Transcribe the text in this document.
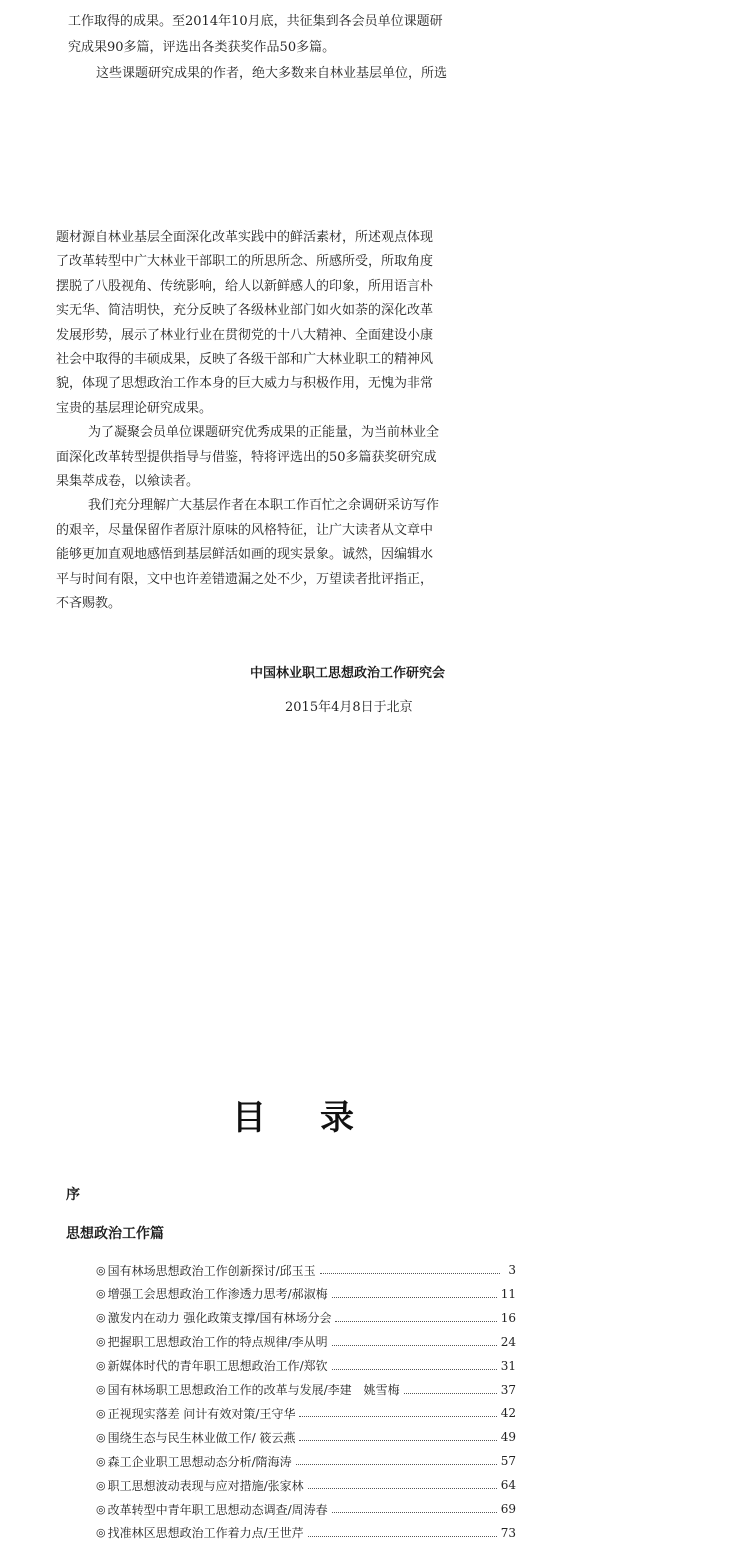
工作取得的成果。至2014年10月底，共征集到各会员单位课题研
究成果90多篇，评选出各类获奖作品50多篇。
这些课题研究成果的作者，绝大多数来自林业基层单位，所选
题材源自林业基层全面深化改革实践中的鲜活素材，所述观点体现
了改革转型中广大林业干部职工的所思所念、所感所受，所取角度
摆脱了八股视角、传统影响，给人以新鲜感人的印象，所用语言朴
实无华、简洁明快，充分反映了各级林业部门如火如荼的深化改革
发展形势，展示了林业行业在贯彻党的十八大精神、全面建设小康
社会中取得的丰硕成果，反映了各级干部和广大林业职工的精神风
貌，体现了思想政治工作本身的巨大威力与积极作用，无愧为非常
宝贵的基层理论研究成果。
为了凝聚会员单位课题研究优秀成果的正能量，为当前林业全
面深化改革转型提供指导与借鉴，特将评选出的50多篇获奖研究成
果集萃成卷，以飨读者。
我们充分理解广大基层作者在本职工作百忙之余调研采访写作
的艰辛，尽量保留作者原汁原味的风格特征，让广大读者从文章中
能够更加直观地感悟到基层鲜活如画的现实景象。诚然，因编辑水
平与时间有限，文中也许差错遗漏之处不少，万望读者批评指正，
不吝赐教。
中国林业职工思想政治工作研究会
2015年4月8日于北京
目录
序
思想政治工作篇
◎ 国有林场思想政治工作创新探讨/邱玉玉	3
◎ 增强工会思想政治工作渗透力思考/郝淑梅	11
◎ 激发内在动力 强化政策支撑/国有林场分会	16
◎ 把握职工思想政治工作的特点规律/李从明	24
◎ 新媒体时代的青年职工思想政治工作/郑钦	31
◎ 国有林场职工思想政治工作的改革与发展/李建　姚雪梅	37
◎ 正视现实落差 问计有效对策/王守华	42
◎ 围绕生态与民生林业做工作/ 筱云燕	49
◎ 森工企业职工思想动态分析/隋海涛	57
◎ 职工思想波动表现与应对措施/张家林	64
◎ 改革转型中青年职工思想动态调查/周涛春	69
◎ 找准林区思想政治工作着力点/王世芹	73
